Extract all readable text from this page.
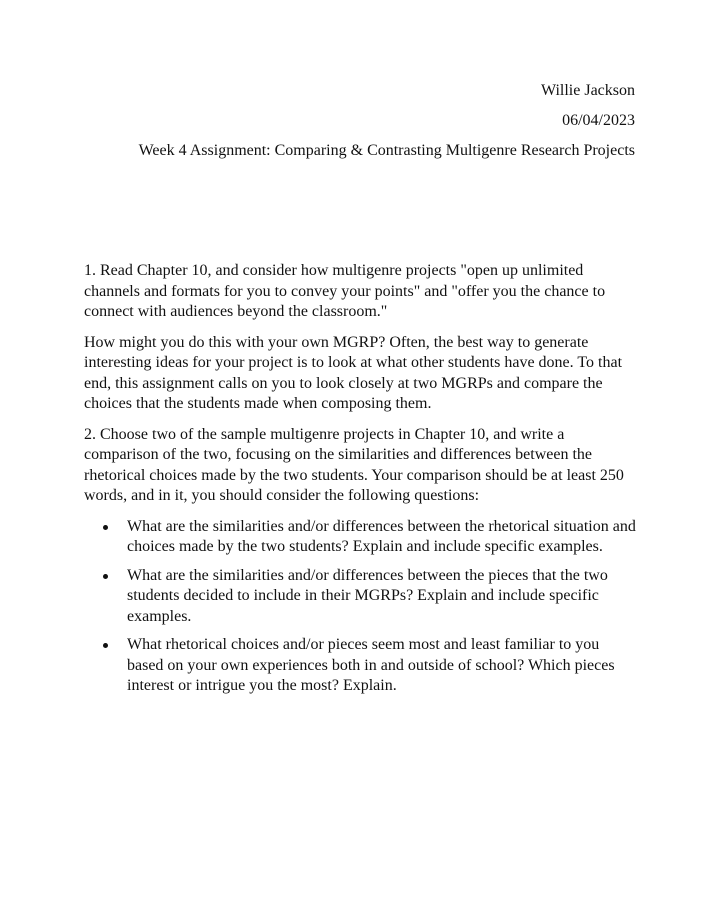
Willie Jackson
06/04/2023
Week 4 Assignment: Comparing & Contrasting Multigenre Research Projects

1. Read Chapter 10, and consider how multigenre projects "open up unlimited channels and formats for you to convey your points" and "offer you the chance to connect with audiences beyond the classroom."

How might you do this with your own MGRP? Often, the best way to generate interesting ideas for your project is to look at what other students have done. To that end, this assignment calls on you to look closely at two MGRPs and compare the choices that the students made when composing them.

2. Choose two of the sample multigenre projects in Chapter 10, and write a comparison of the two, focusing on the similarities and differences between the rhetorical choices made by the two students. Your comparison should be at least 250 words, and in it, you should consider the following questions:

What are the similarities and/or differences between the rhetorical situation and choices made by the two students? Explain and include specific examples.
What are the similarities and/or differences between the pieces that the two students decided to include in their MGRPs? Explain and include specific examples.
What rhetorical choices and/or pieces seem most and least familiar to you based on your own experiences both in and outside of school? Which pieces interest or intrigue you the most? Explain.
